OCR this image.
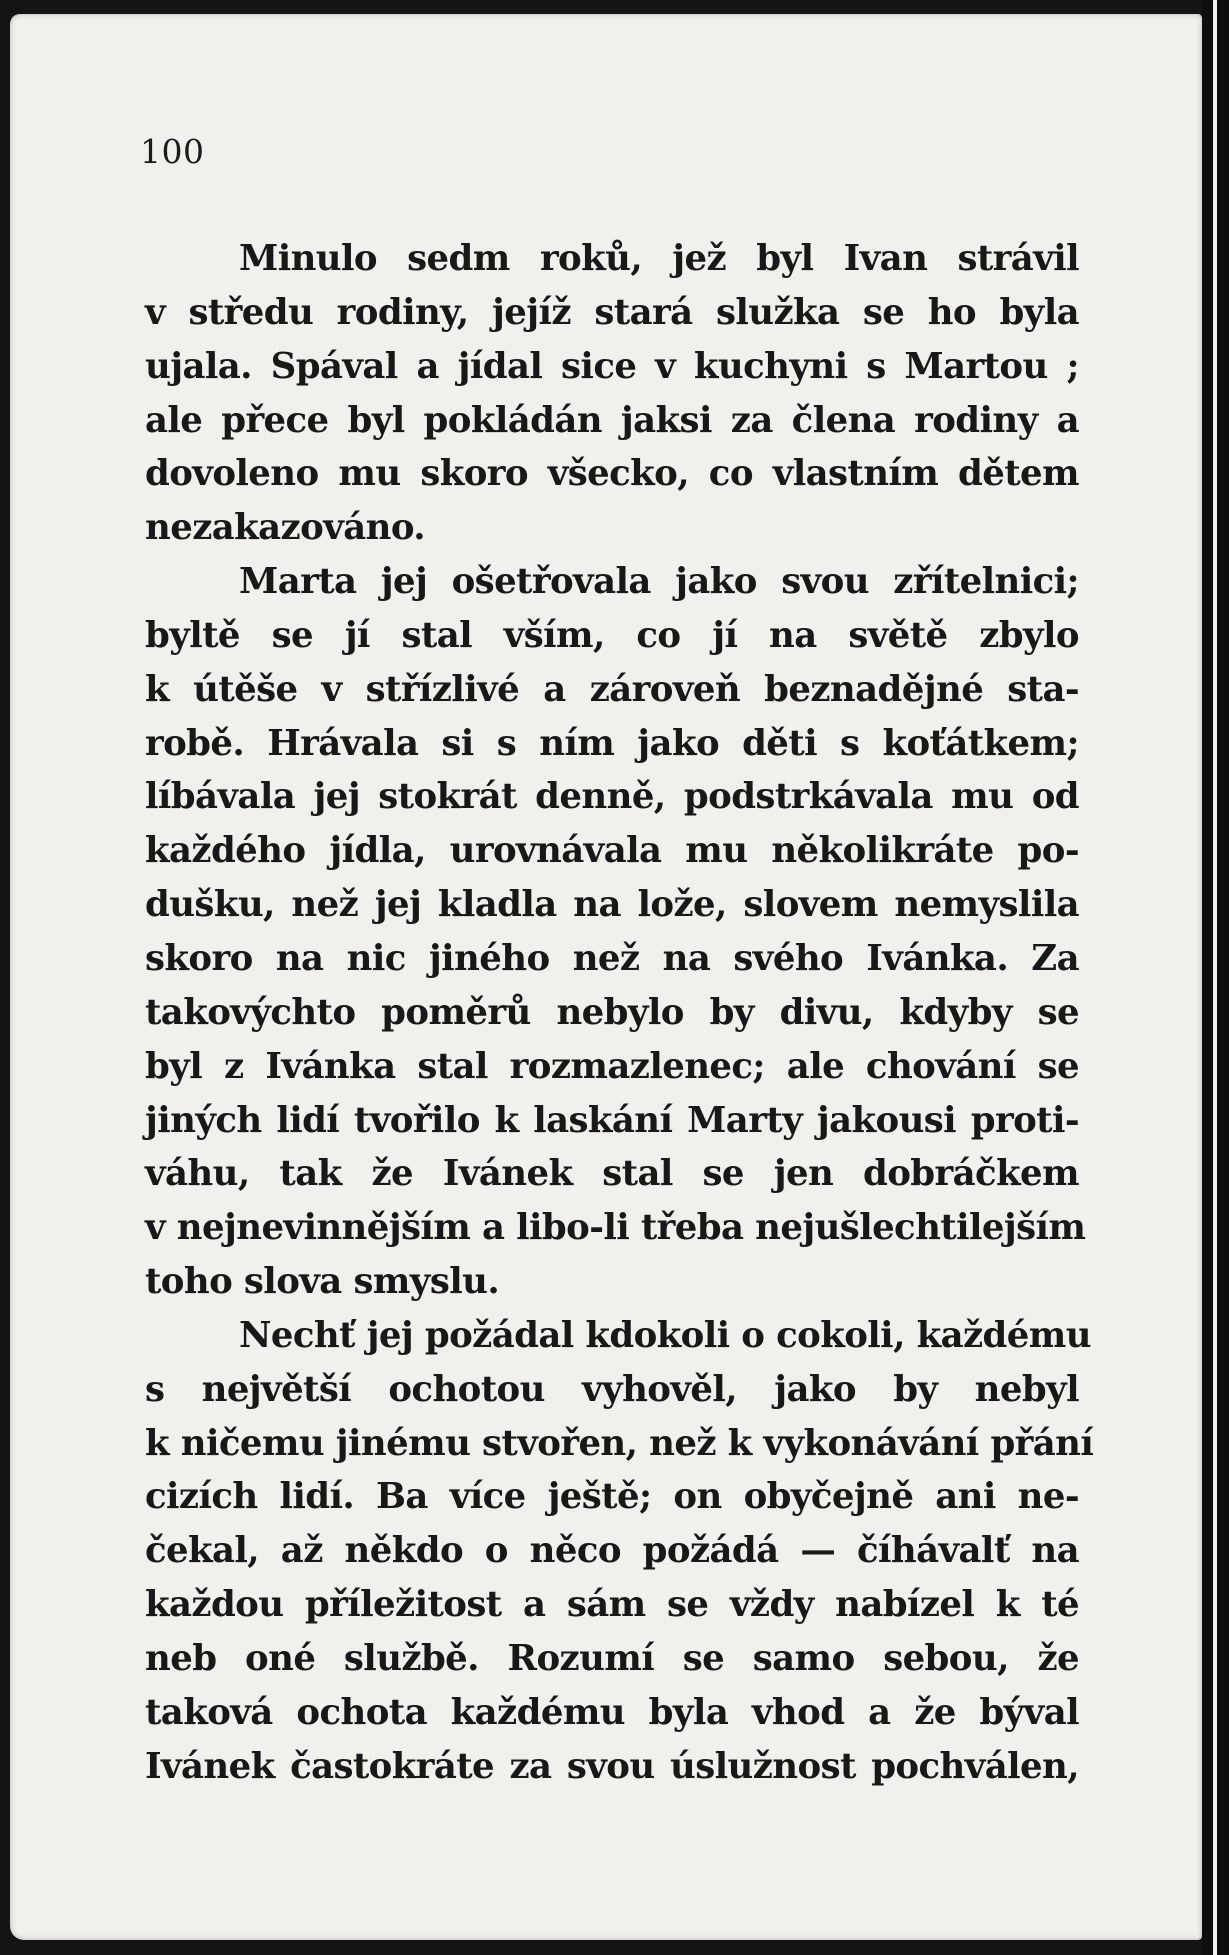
100

Minulo sedm roků, jež byl Ivan strávil
v středu rodiny, jejíž stará služka se ho byla
ujala. Spával a jídal sice v kuchyni s Martou ;
ale přece byl pokládán jaksi za člena rodiny a
dovoleno mu skoro všecko, co vlastním dětem
nezakazováno.

Marta jej ošetřovala jako svou zřítelnici;
byltě se jí stal vším, co jí na světě zbylo
k útěše v střízlivé a zároveň beznadějné sta-
robě. Hrávala si s ním jako děti s koťátkem;
líbávala jej stokrát denně, podstrkávala mu od
každého jídla, urovnávala mu několikráte po-
dušku, než jej kladla na lože, slovem nemyslila
skoro na nic jiného než na svého Ivánka. Za
takovýchto poměrů nebylo by divu, kdyby se
byl z Ivánka stal rozmazlenec; ale chování se
jiných lidí tvořilo k laskání Marty jakousi proti-
váhu, tak že Ivánek stal se jen dobráčkem
v nejnevinnějším a libo-li třeba nejušlechtilejším
toho slova smyslu.

Nechť jej požádal kdokoli o cokoli, každému
s největší ochotou vyhověl, jako by nebyl
k ničemu jinému stvořen, než k vykonávání přání
cizích lidí. Ba více ještě; on obyčejně ani ne-
čekal, až někdo o něco požádá — číhávalť na
každou příležitost a sám se vždy nabízel k té
neb oné službě. Rozumí se samo sebou, že
taková ochota každému byla vhod a že býval
Ivánek častokráte za svou úslužnost pochválen,
